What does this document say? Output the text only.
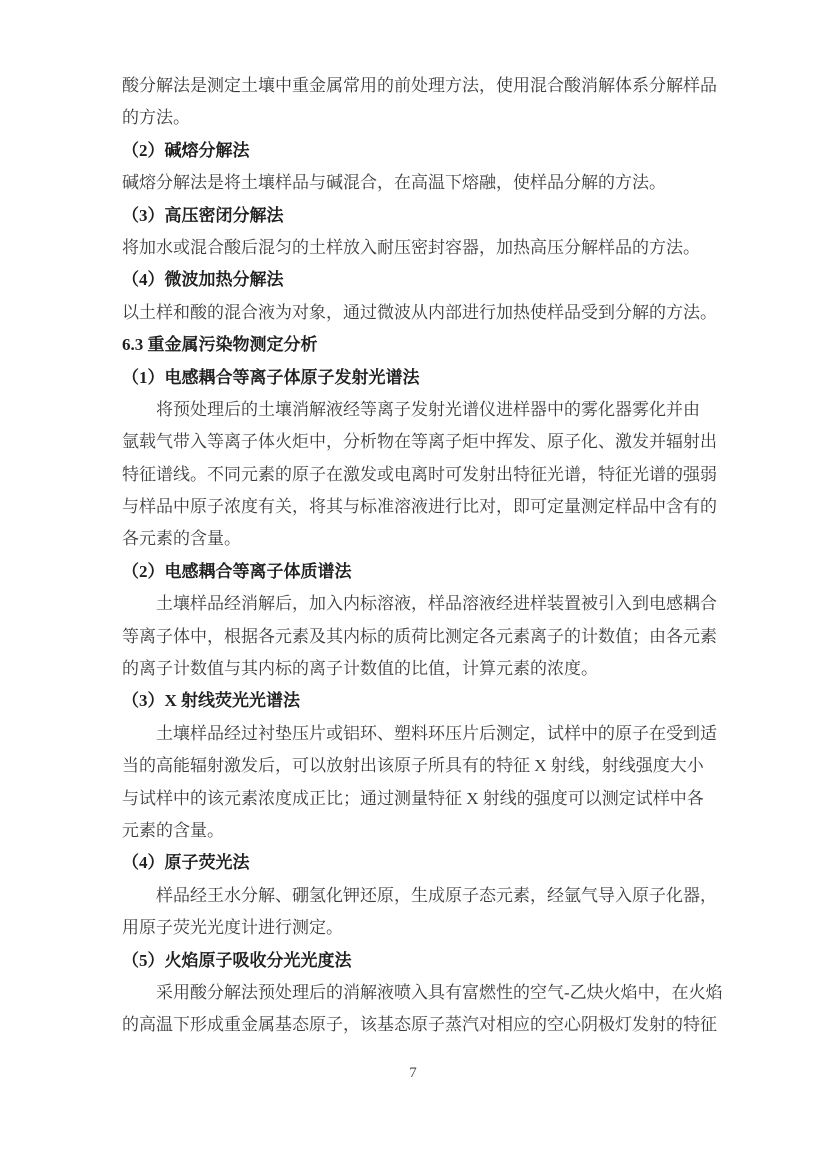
酸分解法是测定土壤中重金属常用的前处理方法，使用混合酸消解体系分解样品
的方法。
（2）碱熔分解法
碱熔分解法是将土壤样品与碱混合，在高温下熔融，使样品分解的方法。
（3）高压密闭分解法
将加水或混合酸后混匀的土样放入耐压密封容器，加热高压分解样品的方法。
（4）微波加热分解法
以土样和酸的混合液为对象，通过微波从内部进行加热使样品受到分解的方法。
6.3 重金属污染物测定分析
（1）电感耦合等离子体原子发射光谱法
将预处理后的土壤消解液经等离子发射光谱仪进样器中的雾化器雾化并由
氩载气带入等离子体火炬中，分析物在等离子炬中挥发、原子化、激发并辐射出
特征谱线。不同元素的原子在激发或电离时可发射出特征光谱，特征光谱的强弱
与样品中原子浓度有关，将其与标准溶液进行比对，即可定量测定样品中含有的
各元素的含量。
（2）电感耦合等离子体质谱法
土壤样品经消解后，加入内标溶液，样品溶液经进样装置被引入到电感耦合
等离子体中，根据各元素及其内标的质荷比测定各元素离子的计数值；由各元素
的离子计数值与其内标的离子计数值的比值，计算元素的浓度。
（3）X 射线荧光光谱法
土壤样品经过衬垫压片或铝环、塑料环压片后测定，试样中的原子在受到适
当的高能辐射激发后，可以放射出该原子所具有的特征 X 射线，射线强度大小
与试样中的该元素浓度成正比；通过测量特征 X 射线的强度可以测定试样中各
元素的含量。
（4）原子荧光法
样品经王水分解、硼氢化钾还原，生成原子态元素，经氩气导入原子化器，
用原子荧光光度计进行测定。
（5）火焰原子吸收分光光度法
采用酸分解法预处理后的消解液喷入具有富燃性的空气-乙炔火焰中，在火焰
的高温下形成重金属基态原子，该基态原子蒸汽对相应的空心阴极灯发射的特征
7
